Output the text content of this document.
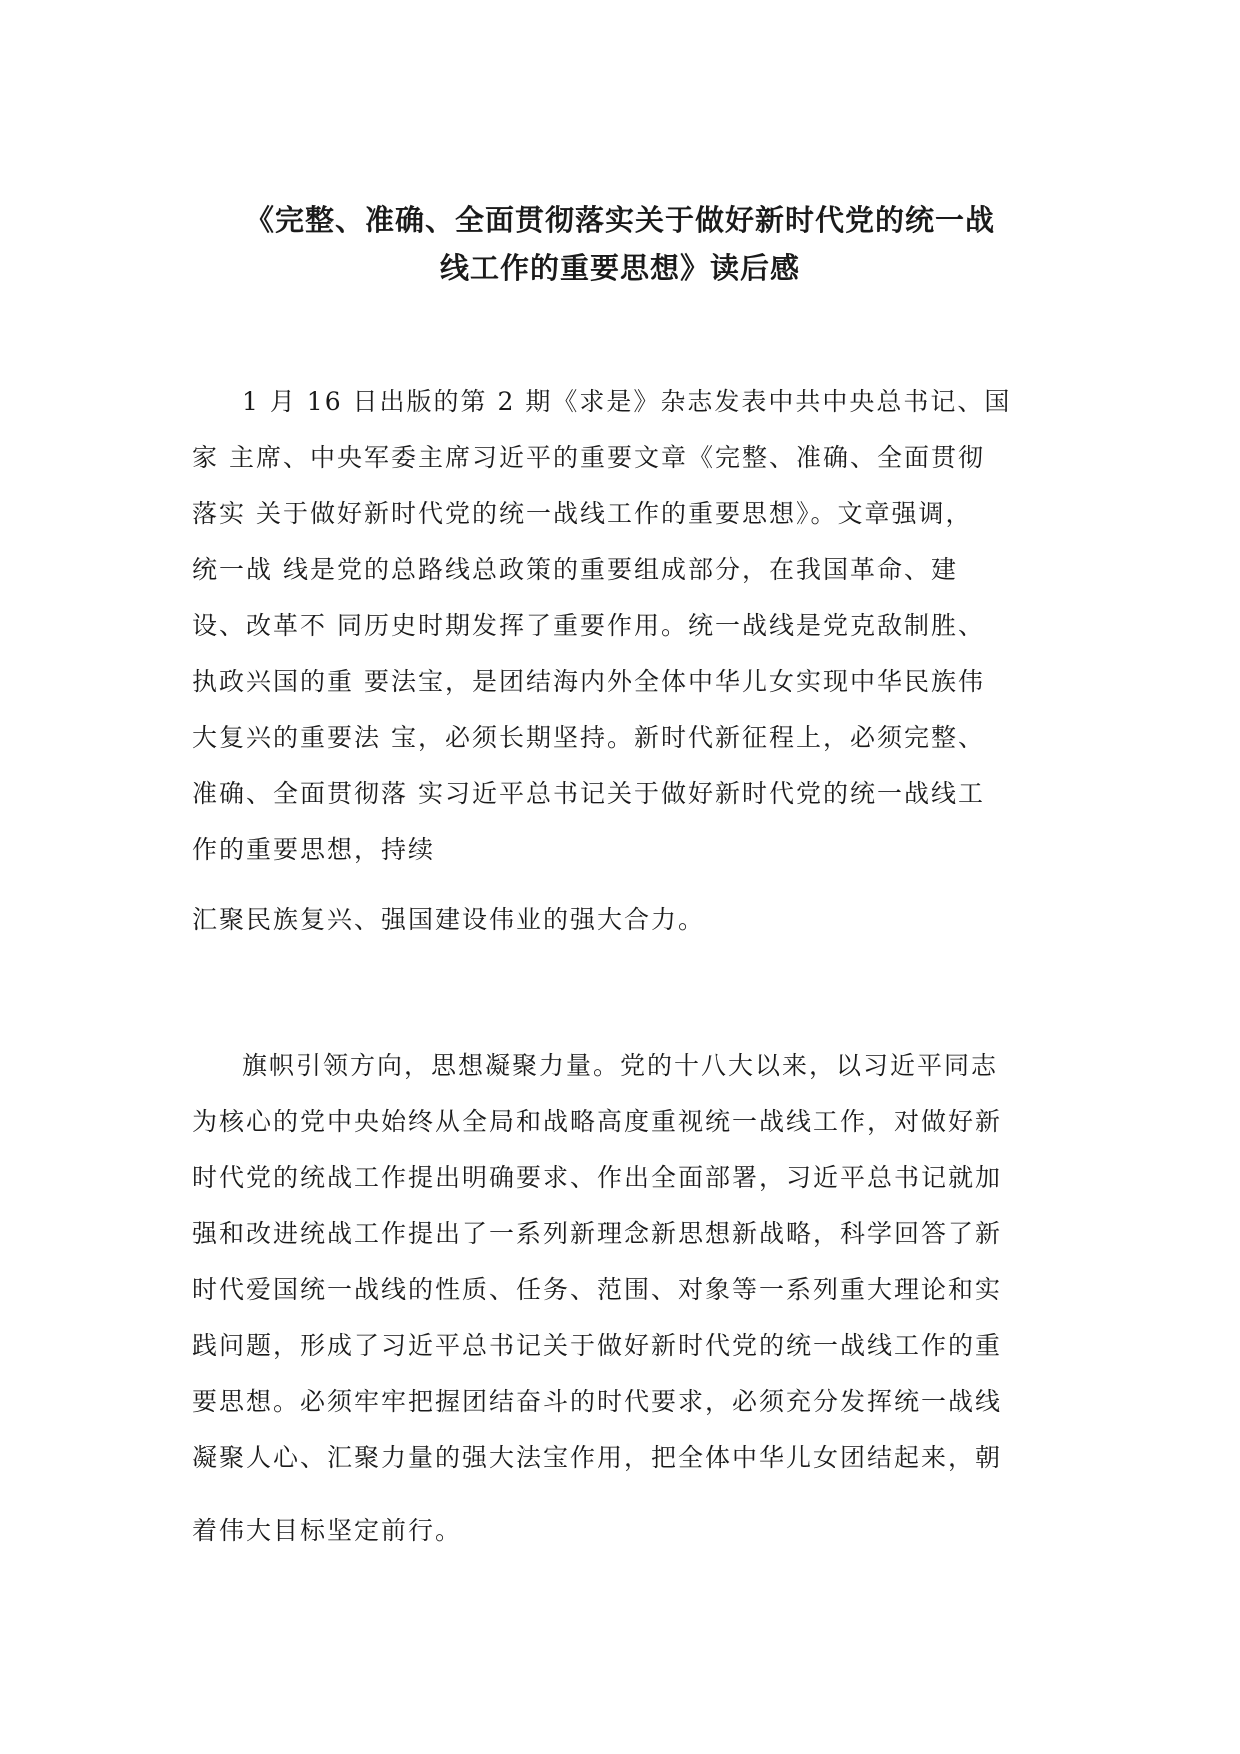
《完整、准确、全面贯彻落实关于做好新时代党的统一战
线工作的重要思想》读后感
1 月 16 日出版的第 2 期《求是》杂志发表中共中央总书记、国
家 主席、中央军委主席习近平的重要文章《完整、准确、全面贯彻
落实 关于做好新时代党的统一战线工作的重要思想》。文章强调，
统一战 线是党的总路线总政策的重要组成部分，在我国革命、建
设、改革不 同历史时期发挥了重要作用。统一战线是党克敌制胜、
执政兴国的重 要法宝，是团结海内外全体中华儿女实现中华民族伟
大复兴的重要法 宝，必须长期坚持。新时代新征程上，必须完整、
准确、全面贯彻落 实习近平总书记关于做好新时代党的统一战线工
作的重要思想，持续
汇聚民族复兴、强国建设伟业的强大合力。
旗帜引领方向，思想凝聚力量。党的十八大以来，以习近平同志
为核心的党中央始终从全局和战略高度重视统一战线工作，对做好新
时代党的统战工作提出明确要求、作出全面部署，习近平总书记就加
强和改进统战工作提出了一系列新理念新思想新战略，科学回答了新
时代爱国统一战线的性质、任务、范围、对象等一系列重大理论和实
践问题，形成了习近平总书记关于做好新时代党的统一战线工作的重
要思想。必须牢牢把握团结奋斗的时代要求，必须充分发挥统一战线
凝聚人心、汇聚力量的强大法宝作用，把全体中华儿女团结起来，朝
着伟大目标坚定前行。
